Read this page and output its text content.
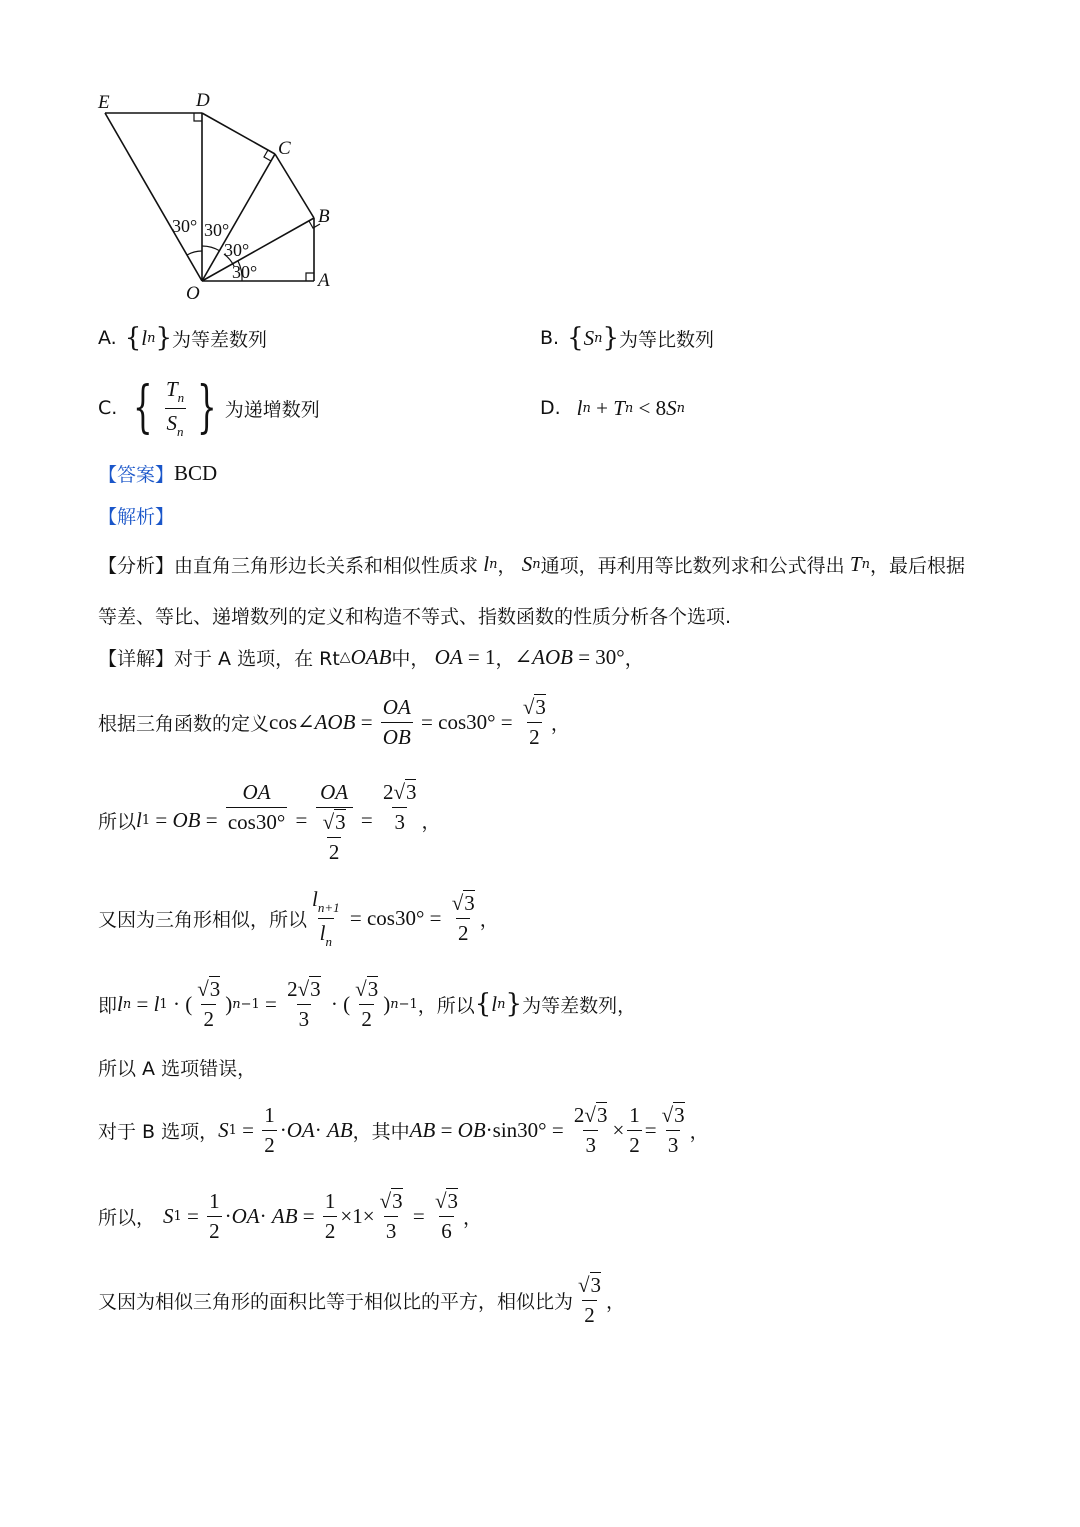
E	D
C
B
O
A
30° 30°
30°
30°
A. { l n } 为等差数列	B. { S n } 为等比数列
C. { $\frac{T_n}{S_n}$ } 为递增数列	D. l n + T n < 8 S n
【答案】 BCD
【解析】
【分析】 由直角三角形边长关系和相似性质求 l n ， S n 通项，再利用等比数列求和公式得出 T n ，最后根据
等差、等比、递增数列的定义和构造不等式、指数函数的性质分析各个选项.
【详解】 对于 A 选项，在 Rt △ OAB 中， OA = 1 ， ∠ AOB = 30° ，
根据三角函数的定义 cos∠ AOB = $\frac{OA}{OB} = \cos 30^\circ = \frac{√3}{2}$ ，
所以 l 1 = OB = $\frac{OA}{\cos 30^\circ} = \frac{OA}{\frac{√3}{2}} = \frac{2√3}{3}$ ，
又因为三角形相似，所以 $\frac{l_{n+1}}{l_n} = \cos 30^\circ = \frac{√3}{2}$ ，
即 l n = l 1 · ( $\frac{√3}{2}$ ) $n-1 = \frac{2√3}{3}$ · ( $\frac{√3}{2}$ ) n−1 ，所以 { l n } 为等差数列，
所以 A 选项错误，
对于 B 选项， S $1 = \frac{1}{2}$ · OA · AB ，其中 AB = OB $\cdot\sin 30^\circ = \frac{2√3}{3} \times \frac{1}{2} = \frac{√3}{3}$ ，
所以， S $1 = \frac{1}{2}$ · OA · AB = $\frac{1}{2} \times 1\times \frac{√3}{3} = \frac{√3}{6}$ ，
又因为相似三角形的面积比等于相似比的平方，相似比为 $\frac{√3}{2}$ ，
